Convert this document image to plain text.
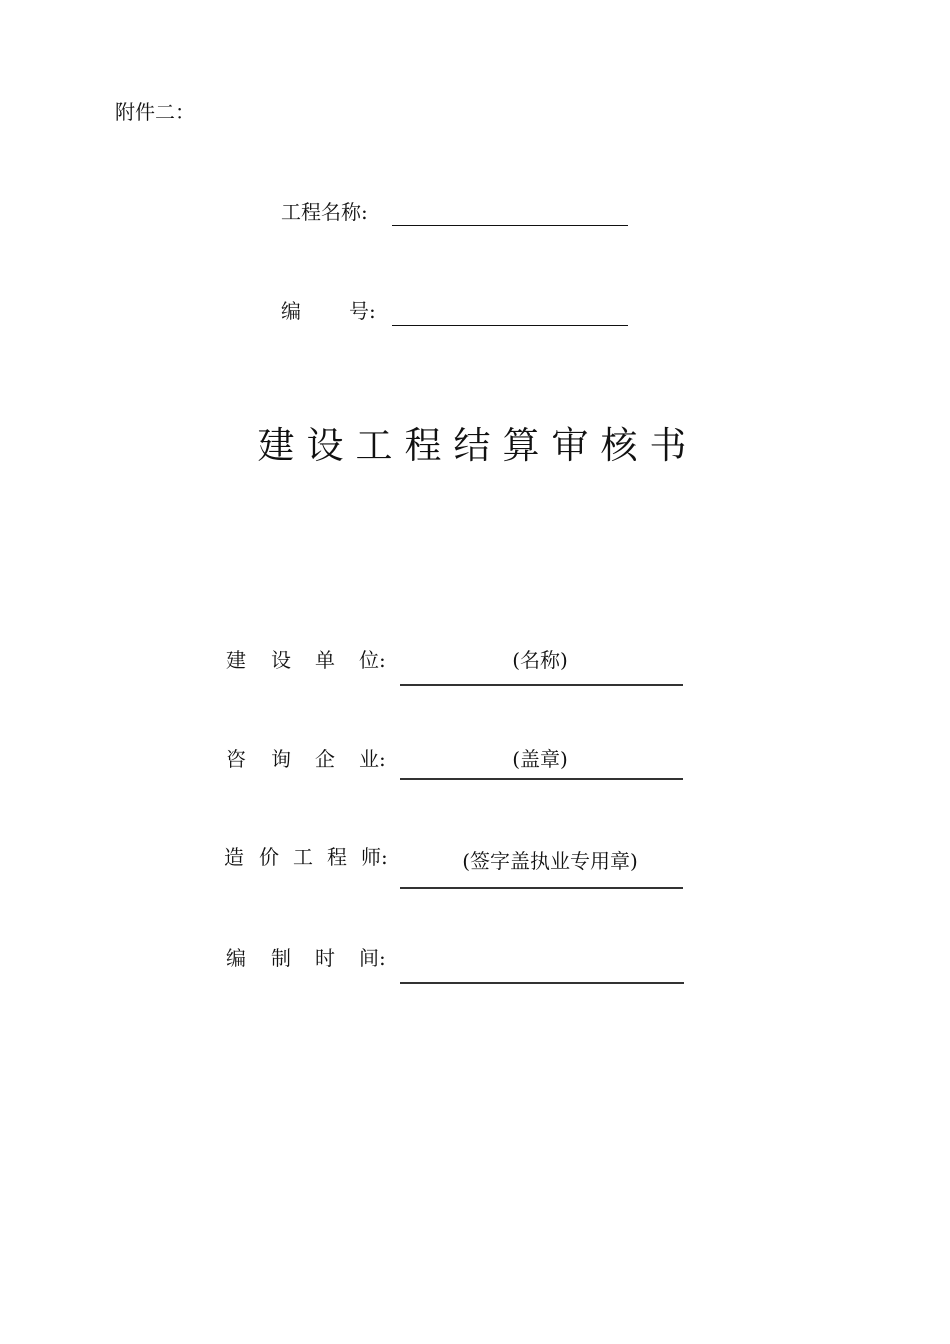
附件二：
工程名称:
编 号:
建设工程结算审核书
建 设 单 位:	(名称)
咨 询 企 业:	(盖章)
造 价 工 程 师:	(签字盖执业专用章)
编 制 时 间:
